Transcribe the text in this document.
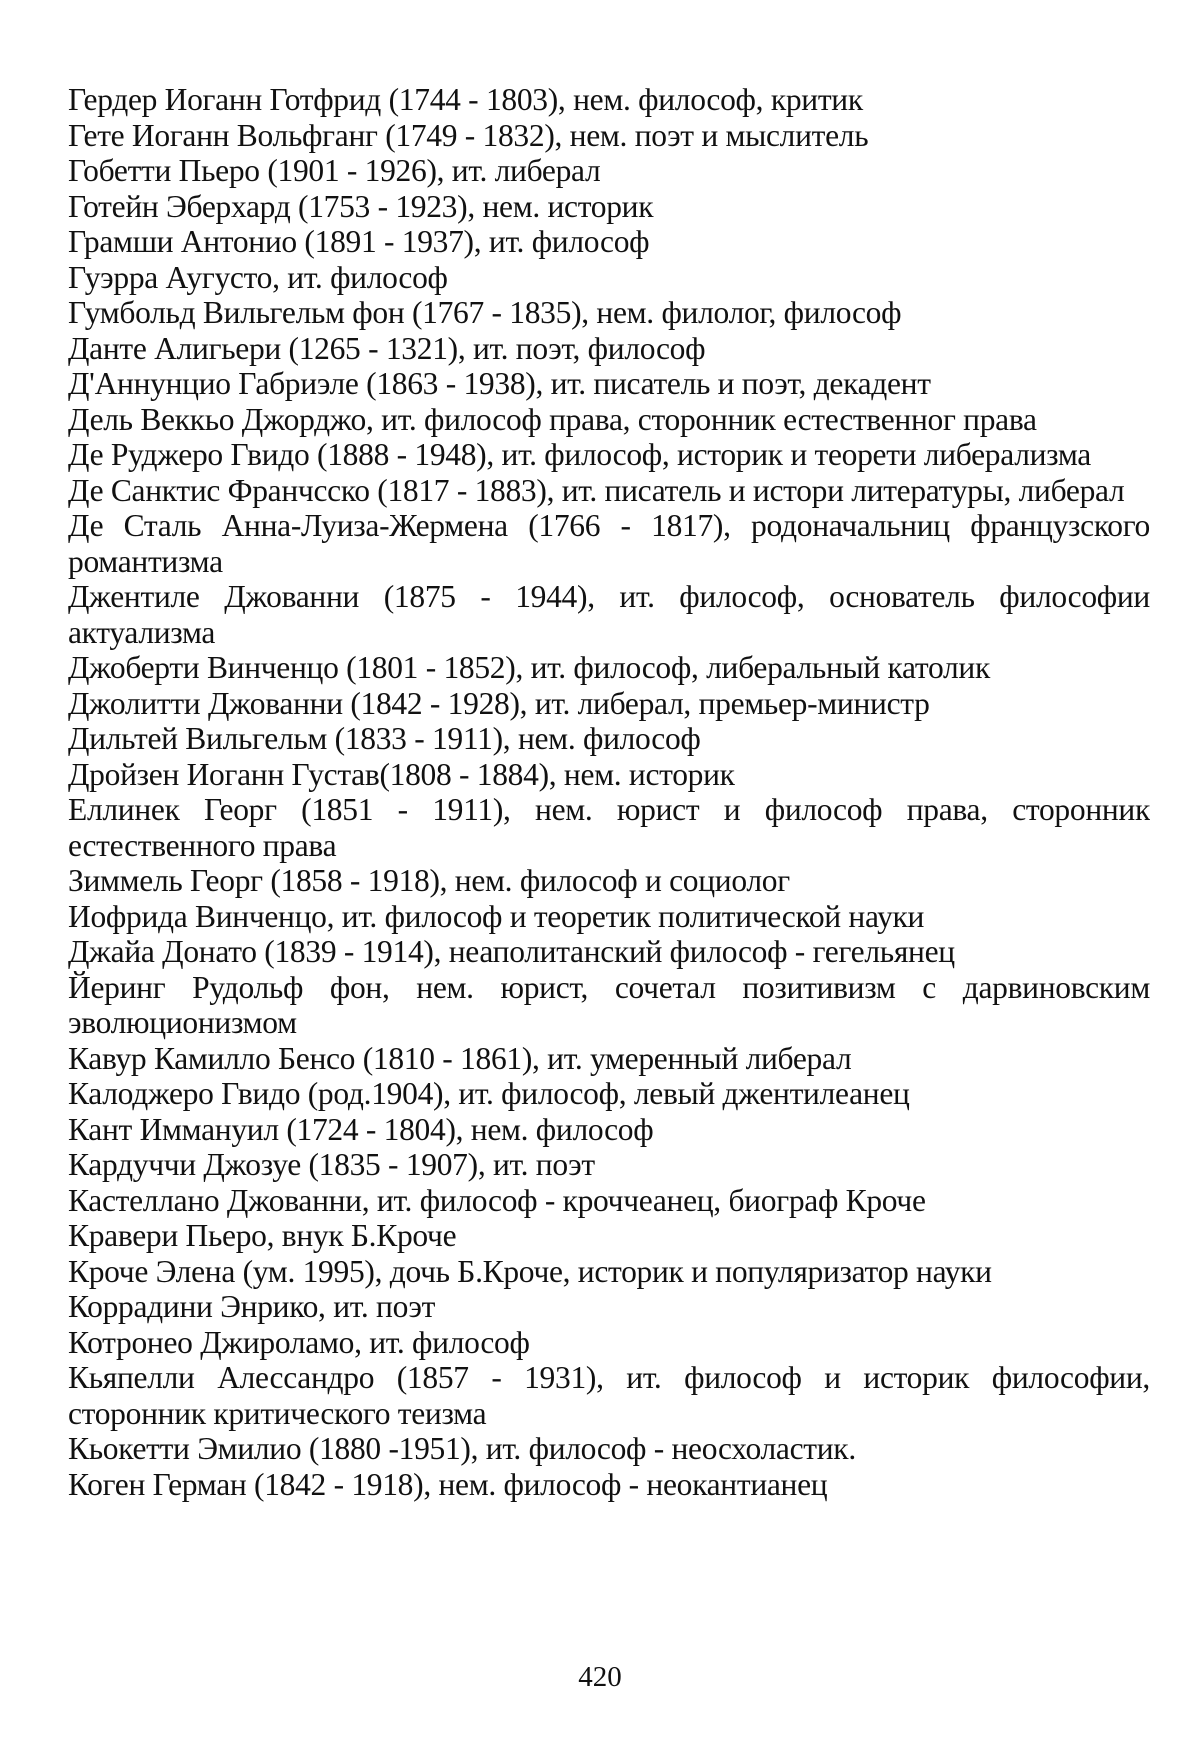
Гердер Иоганн Готфрид (1744 - 1803), нем. философ, критик
Гете Иоганн Вольфганг (1749 - 1832), нем. поэт и мыслитель
Гобетти Пьеро (1901 - 1926), ит. либерал
Готейн Эберхард (1753 - 1923), нем. историк
Грамши Антонио (1891 - 1937), ит. философ
Гуэрра Аугусто, ит. философ
Гумбольд Вильгельм фон (1767 - 1835), нем. филолог, философ
Данте Алигьери (1265 - 1321), ит. поэт, философ
Д'Аннунцио Габриэле (1863 - 1938), ит. писатель и поэт, декадент
Дель Веккьо Джорджо, ит. философ права, сторонник естественног права
Де Руджеро Гвидо (1888 - 1948), ит. философ, историк и теорети либерализма
Де Санктис Франчсско (1817 - 1883), ит. писатель и истори литературы, либерал
Де Сталь Анна-Луиза-Жермена (1766 - 1817), родоначальниц французского романтизма
Джентиле Джованни (1875 - 1944), ит. философ, основатель философии актуализма
Джоберти Винченцо (1801 - 1852), ит. философ, либеральный католик
Джолитти Джованни (1842 - 1928), ит. либерал, премьер-министр
Дильтей Вильгельм (1833 - 1911), нем. философ
Дройзен Иоганн Густав(1808 - 1884), нем. историк
Еллинек Георг (1851 - 1911), нем. юрист и философ права, сторонник естественного права
Зиммель Георг (1858 - 1918), нем. философ и социолог
Иофрида Винченцо, ит. философ и теоретик политической науки
Джайа Донато (1839 - 1914), неаполитанский философ - гегельянец
Йеринг Рудольф фон, нем. юрист, сочетал позитивизм с дарвиновским эволюционизмом
Кавур Камилло Бенсо (1810 - 1861), ит. умеренный либерал
Калоджеро Гвидо (род.1904), ит. философ, левый джентилеанец
Кант Иммануил (1724 - 1804), нем. философ
Кардуччи Джозуе (1835 - 1907), ит. поэт
Кастеллано Джованни, ит. философ - кроччеанец, биограф Кроче
Кравери Пьеро, внук Б.Кроче
Кроче Элена (ум. 1995), дочь Б.Кроче, историк и популяризатор науки
Коррадини Энрико, ит. поэт
Котронео Джироламо, ит. философ
Кьяпелли Алессандро (1857 - 1931), ит. философ и историк философии, сторонник критического теизма
Кьокетти Эмилио (1880 -1951), ит. философ - неосхоластик.
Коген Герман (1842 - 1918), нем. философ - неокантианец
420
